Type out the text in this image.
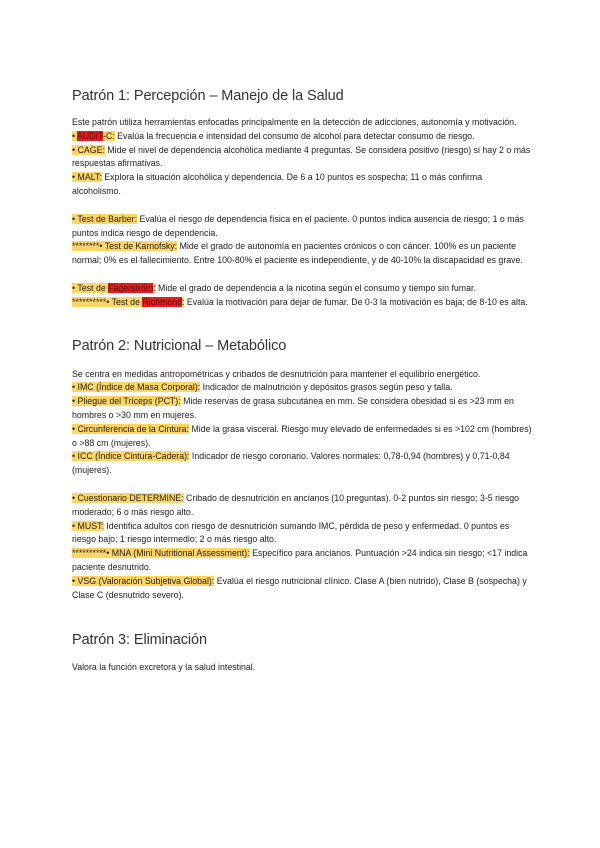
Patrón 1: Percepción – Manejo de la Salud

Este patrón utiliza herramientas enfocadas principalmente en la detección de adicciones, autonomía y motivación.

• AUDIT-C: Evalúa la frecuencia e intensidad del consumo de alcohol para detectar consumo de riesgo.

• CAGE: Mide el nivel de dependencia alcohólica mediante 4 preguntas. Se considera positivo (riesgo) si hay 2 o más respuestas afirmativas.

• MALT: Explora la situación alcohólica y dependencia. De 6 a 10 puntos es sospecha; 11 o más confirma alcoholismo.

• Test de Barber: Evalúa el riesgo de dependencia física en el paciente. 0 puntos indica ausencia de riesgo; 1 o más puntos indica riesgo de dependencia.

********• Test de Karnofsky: Mide el grado de autonomía en pacientes crónicos o con cáncer. 100% es un paciente normal; 0% es el fallecimiento. Entre 100-80% el paciente es independiente, y de 40-10% la discapacidad es grave.

• Test de Fagerström: Mide el grado de dependencia a la nicotina según el consumo y tiempo sin fumar.

**********• Test de Richmond: Evalúa la motivación para dejar de fumar. De 0-3 la motivación es baja; de 8-10 es alta.

Patrón 2: Nutricional – Metabólico

Se centra en medidas antropométricas y cribados de desnutrición para mantener el equilibrio energético.

• IMC (Índice de Masa Corporal): Indicador de malnutrición y depósitos grasos según peso y talla.

• Pliegue del Tríceps (PCT): Mide reservas de grasa subcutánea en mm. Se considera obesidad si es >23 mm en hombres o >30 mm en mujeres.

• Circunferencia de la Cintura: Mide la grasa visceral. Riesgo muy elevado de enfermedades si es >102 cm (hombres) o >88 cm (mujeres).

• ICC (Índice Cintura-Cadera): Indicador de riesgo coronario. Valores normales: 0,78-0,94 (hombres) y 0,71-0,84 (mujeres).

• Cuestionario DETERMINE: Cribado de desnutrición en ancianos (10 preguntas). 0-2 puntos sin riesgo; 3-5 riesgo moderado; 6 o más riesgo alto.

• MUST: Identifica adultos con riesgo de desnutrición sumando IMC, pérdida de peso y enfermedad. 0 puntos es riesgo bajo; 1 riesgo intermedio; 2 o más riesgo alto.

**********• MNA (Mini Nutritional Assessment): Específico para ancianos. Puntuación >24 indica sin riesgo; <17 indica paciente desnutrido.

• VSG (Valoración Subjetiva Global): Evalúa el riesgo nutricional clínico. Clase A (bien nutrido), Clase B (sospecha) y Clase C (desnutrido severo).

Patrón 3: Eliminación

Valora la función excretora y la salud intestinal.
